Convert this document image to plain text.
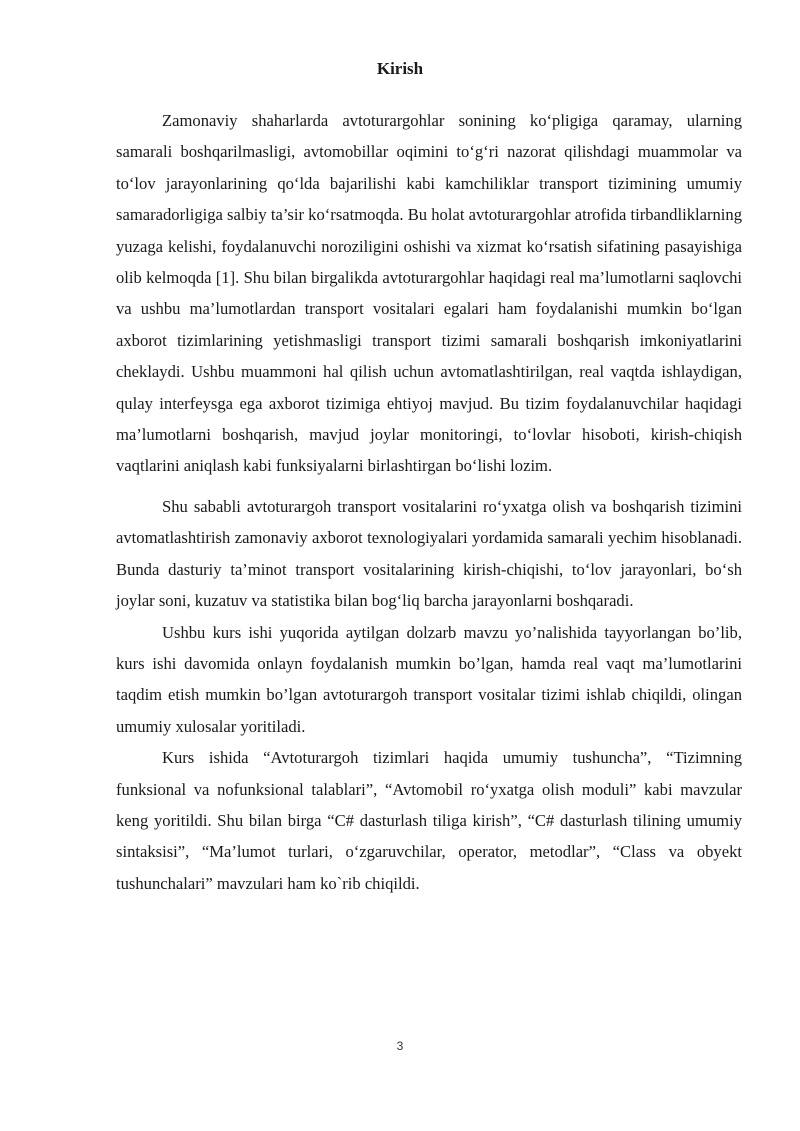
Kirish

Zamonaviy shaharlarda avtoturargohlar sonining ko‘pligiga qaramay, ularning samarali boshqarilmasligi, avtomobillar oqimini to‘g‘ri nazorat qilishdagi muammolar va to‘lov jarayonlarining qo‘lda bajarilishi kabi kamchiliklar transport tizimining umumiy samaradorligiga salbiy ta’sir ko‘rsatmoqda. Bu holat avtoturargohlar atrofida tirbandliklarning yuzaga kelishi, foydalanuvchi noroziligini oshishi va xizmat ko‘rsatish sifatining pasayishiga olib kelmoqda [1]. Shu bilan birgalikda avtoturargohlar haqidagi real ma’lumotlarni saqlovchi va ushbu ma’lumotlardan transport vositalari egalari ham foydalanishi mumkin bo‘lgan axborot tizimlarining yetishmasligi transport tizimi samarali boshqarish imkoniyatlarini cheklaydi. Ushbu muammoni hal qilish uchun avtomatlashtirilgan, real vaqtda ishlaydigan, qulay interfeysga ega axborot tizimiga ehtiyoj mavjud. Bu tizim foydalanuvchilar haqidagi ma’lumotlarni boshqarish, mavjud joylar monitoringi, to‘lovlar hisoboti, kirish-chiqish vaqtlarini aniqlash kabi funksiyalarni birlashtirgan bo‘lishi lozim.

Shu sababli avtoturargoh transport vositalarini ro‘yxatga olish va boshqarish tizimini avtomatlashtirish zamonaviy axborot texnologiyalari yordamida samarali yechim hisoblanadi. Bunda dasturiy ta’minot transport vositalarining kirish-chiqishi, to‘lov jarayonlari, bo‘sh joylar soni, kuzatuv va statistika bilan bog‘liq barcha jarayonlarni boshqaradi.

Ushbu kurs ishi yuqorida aytilgan dolzarb mavzu yo’nalishida tayyorlangan bo’lib, kurs ishi davomida onlayn foydalanish mumkin bo’lgan, hamda real vaqt ma’lumotlarini taqdim etish mumkin bo’lgan avtoturargoh transport vositalar tizimi ishlab chiqildi, olingan umumiy xulosalar yoritiladi.

Kurs ishida “Avtoturargoh tizimlari haqida umumiy tushuncha”, “Tizimning funksional va nofunksional talablari”, “Avtomobil ro‘yxatga olish moduli” kabi mavzular keng yoritildi. Shu bilan birga “C# dasturlash tiliga kirish”, “C# dasturlash tilining umumiy sintaksisi”, “Ma’lumot turlari, o‘zgaruvchilar, operator, metodlar”, “Class va obyekt tushunchalari” mavzulari ham ko`rib chiqildi.

3
